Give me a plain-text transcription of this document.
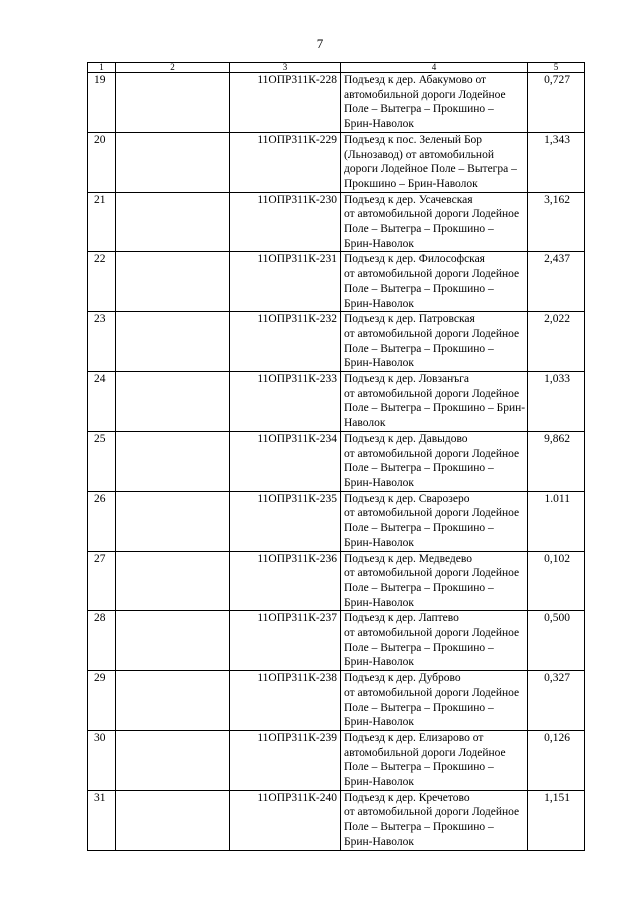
7
1	2	3	4	5
19		11ОПР311К-228	Подъезд к дер. Абакумово от
автомобильной дороги Лодейное
Поле – Вытегра – Прокшино –
Брин-Наволок	0,727
20		11ОПР311К-229	Подъезд к пос. Зеленый Бор
(Льнозавод) от автомобильной
дороги Лодейное Поле – Вытегра –
Прокшино – Брин-Наволок	1,343
21		11ОПР311К-230	Подъезд к дер. Усачевская
от автомобильной дороги Лодейное
Поле – Вытегра – Прокшино –
Брин-Наволок	3,162
22		11ОПР311К-231	Подъезд к дер. Философская
от автомобильной дороги Лодейное
Поле – Вытегра – Прокшино –
Брин-Наволок	2,437
23		11ОПР311К-232	Подъезд к дер. Патровская
от автомобильной дороги Лодейное
Поле – Вытегра – Прокшино –
Брин-Наволок	2,022
24		11ОПР311К-233	Подъезд к дер. Ловзанъга
от автомобильной дороги Лодейное
Поле – Вытегра – Прокшино – Брин-
Наволок	1,033
25		11ОПР311К-234	Подъезд к дер. Давыдово
от автомобильной дороги Лодейное
Поле – Вытегра – Прокшино –
Брин-Наволок	9,862
26		11ОПР311К-235	Подъезд к дер. Сварозеро
от автомобильной дороги Лодейное
Поле – Вытегра – Прокшино –
Брин-Наволок	1.011
27		11ОПР311К-236	Подъезд к дер. Медведево
от автомобильной дороги Лодейное
Поле – Вытегра – Прокшино –
Брин-Наволок	0,102
28		11ОПР311К-237	Подъезд к дер. Лаптево
от автомобильной дороги Лодейное
Поле – Вытегра – Прокшино –
Брин-Наволок	0,500
29		11ОПР311К-238	Подъезд к дер. Дуброво
от автомобильной дороги Лодейное
Поле – Вытегра – Прокшино –
Брин-Наволок	0,327
30		11ОПР311К-239	Подъезд к дер. Елизарово от
автомобильной дороги Лодейное
Поле – Вытегра – Прокшино –
Брин-Наволок	0,126
31		11ОПР311К-240	Подъезд к дер. Кречетово
от автомобильной дороги Лодейное
Поле – Вытегра – Прокшино –
Брин-Наволок	1,151
